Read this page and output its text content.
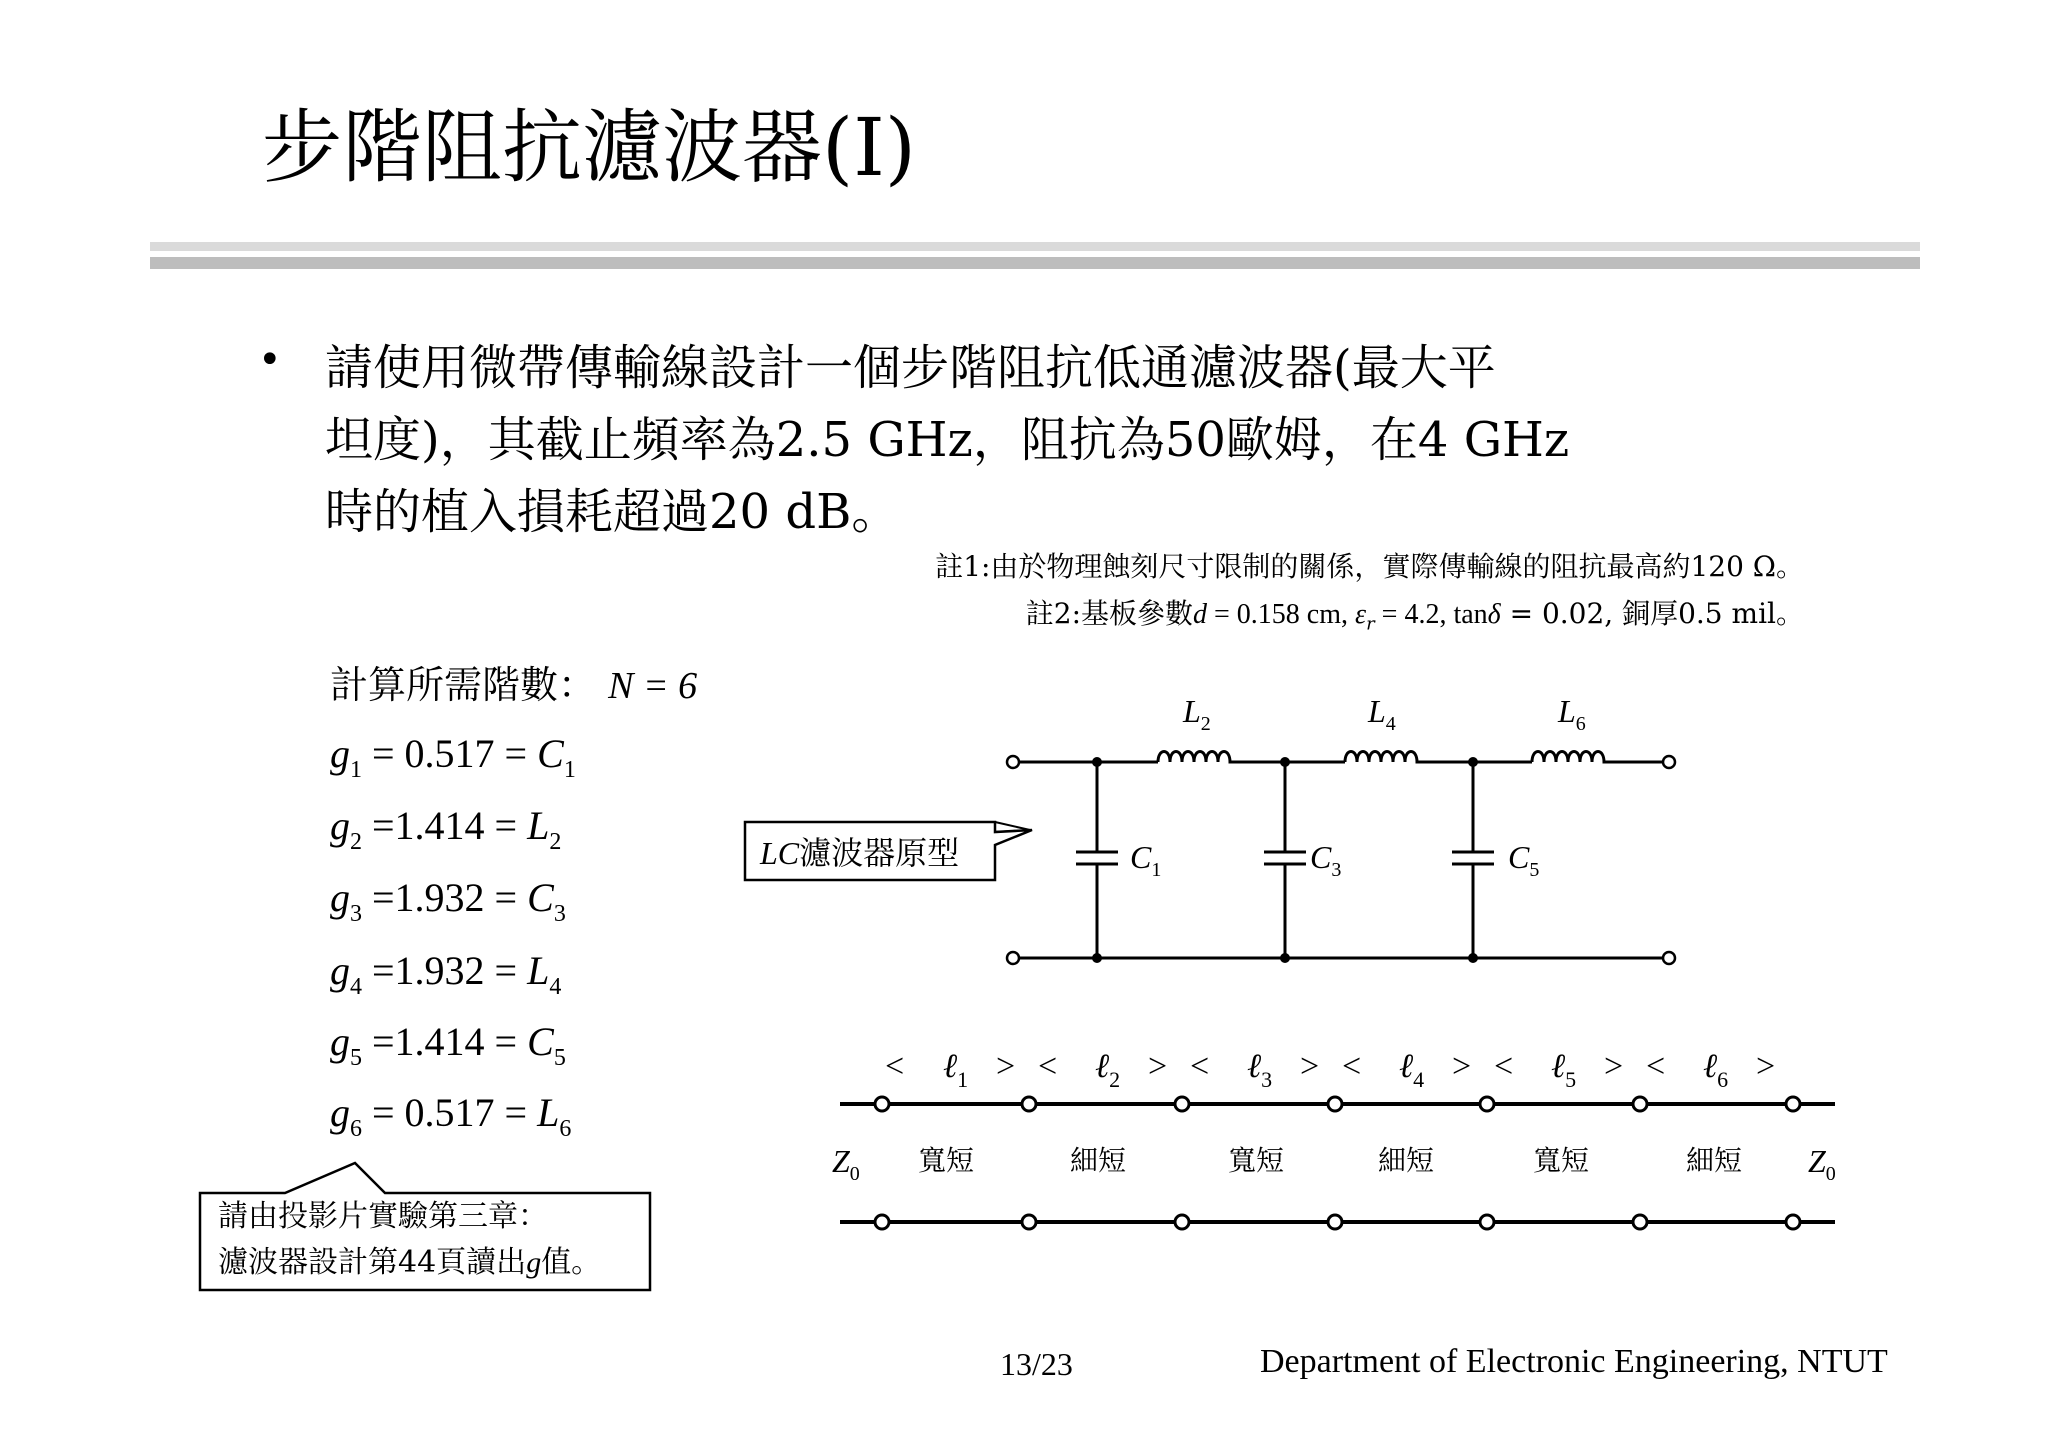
步階阻抗濾波器(I)
• 請使用微帶傳輸線設計一個步階阻抗低通濾波器(最大平
坦度)，其截止頻率為2.5 GHz，阻抗為50歐姆，在4 GHz
時的植入損耗超過20 dB。
註1:由於物理蝕刻尺寸限制的關係，實際傳輸線的阻抗最高約120 Ω。
註2:基板參數d = 0.158 cm, $\varepsilon_r = 4.2$, tanδ = 0.02, 銅厚0.5 mil。
計算所需階數： N = 6
$g_1 = 0.517 = C_1$
$g_2 =1.414 = L_2$
$g_3 =1.932 = C_3$
$g_4 =1.932 = L_4$
$g_5 =1.414 = C_5$
$g_6 = 0.517 = L_6$
LC濾波器原型
$L_2$	$L_4$	$L_6$
$C_1$	$C_3$	$C_5$
< ℓ$_1$ > < ℓ$_2$ > < ℓ$_3$ > < ℓ$_4$ > < ℓ$_5$ > < ℓ$_6$ >
$Z_0$ 寬短	細短	寬短	細短	寬短	細短 $Z_0$
請由投影片實驗第三章：
濾波器設計第44頁讀出g值。
13/23	Department of Electronic Engineering, NTUT
